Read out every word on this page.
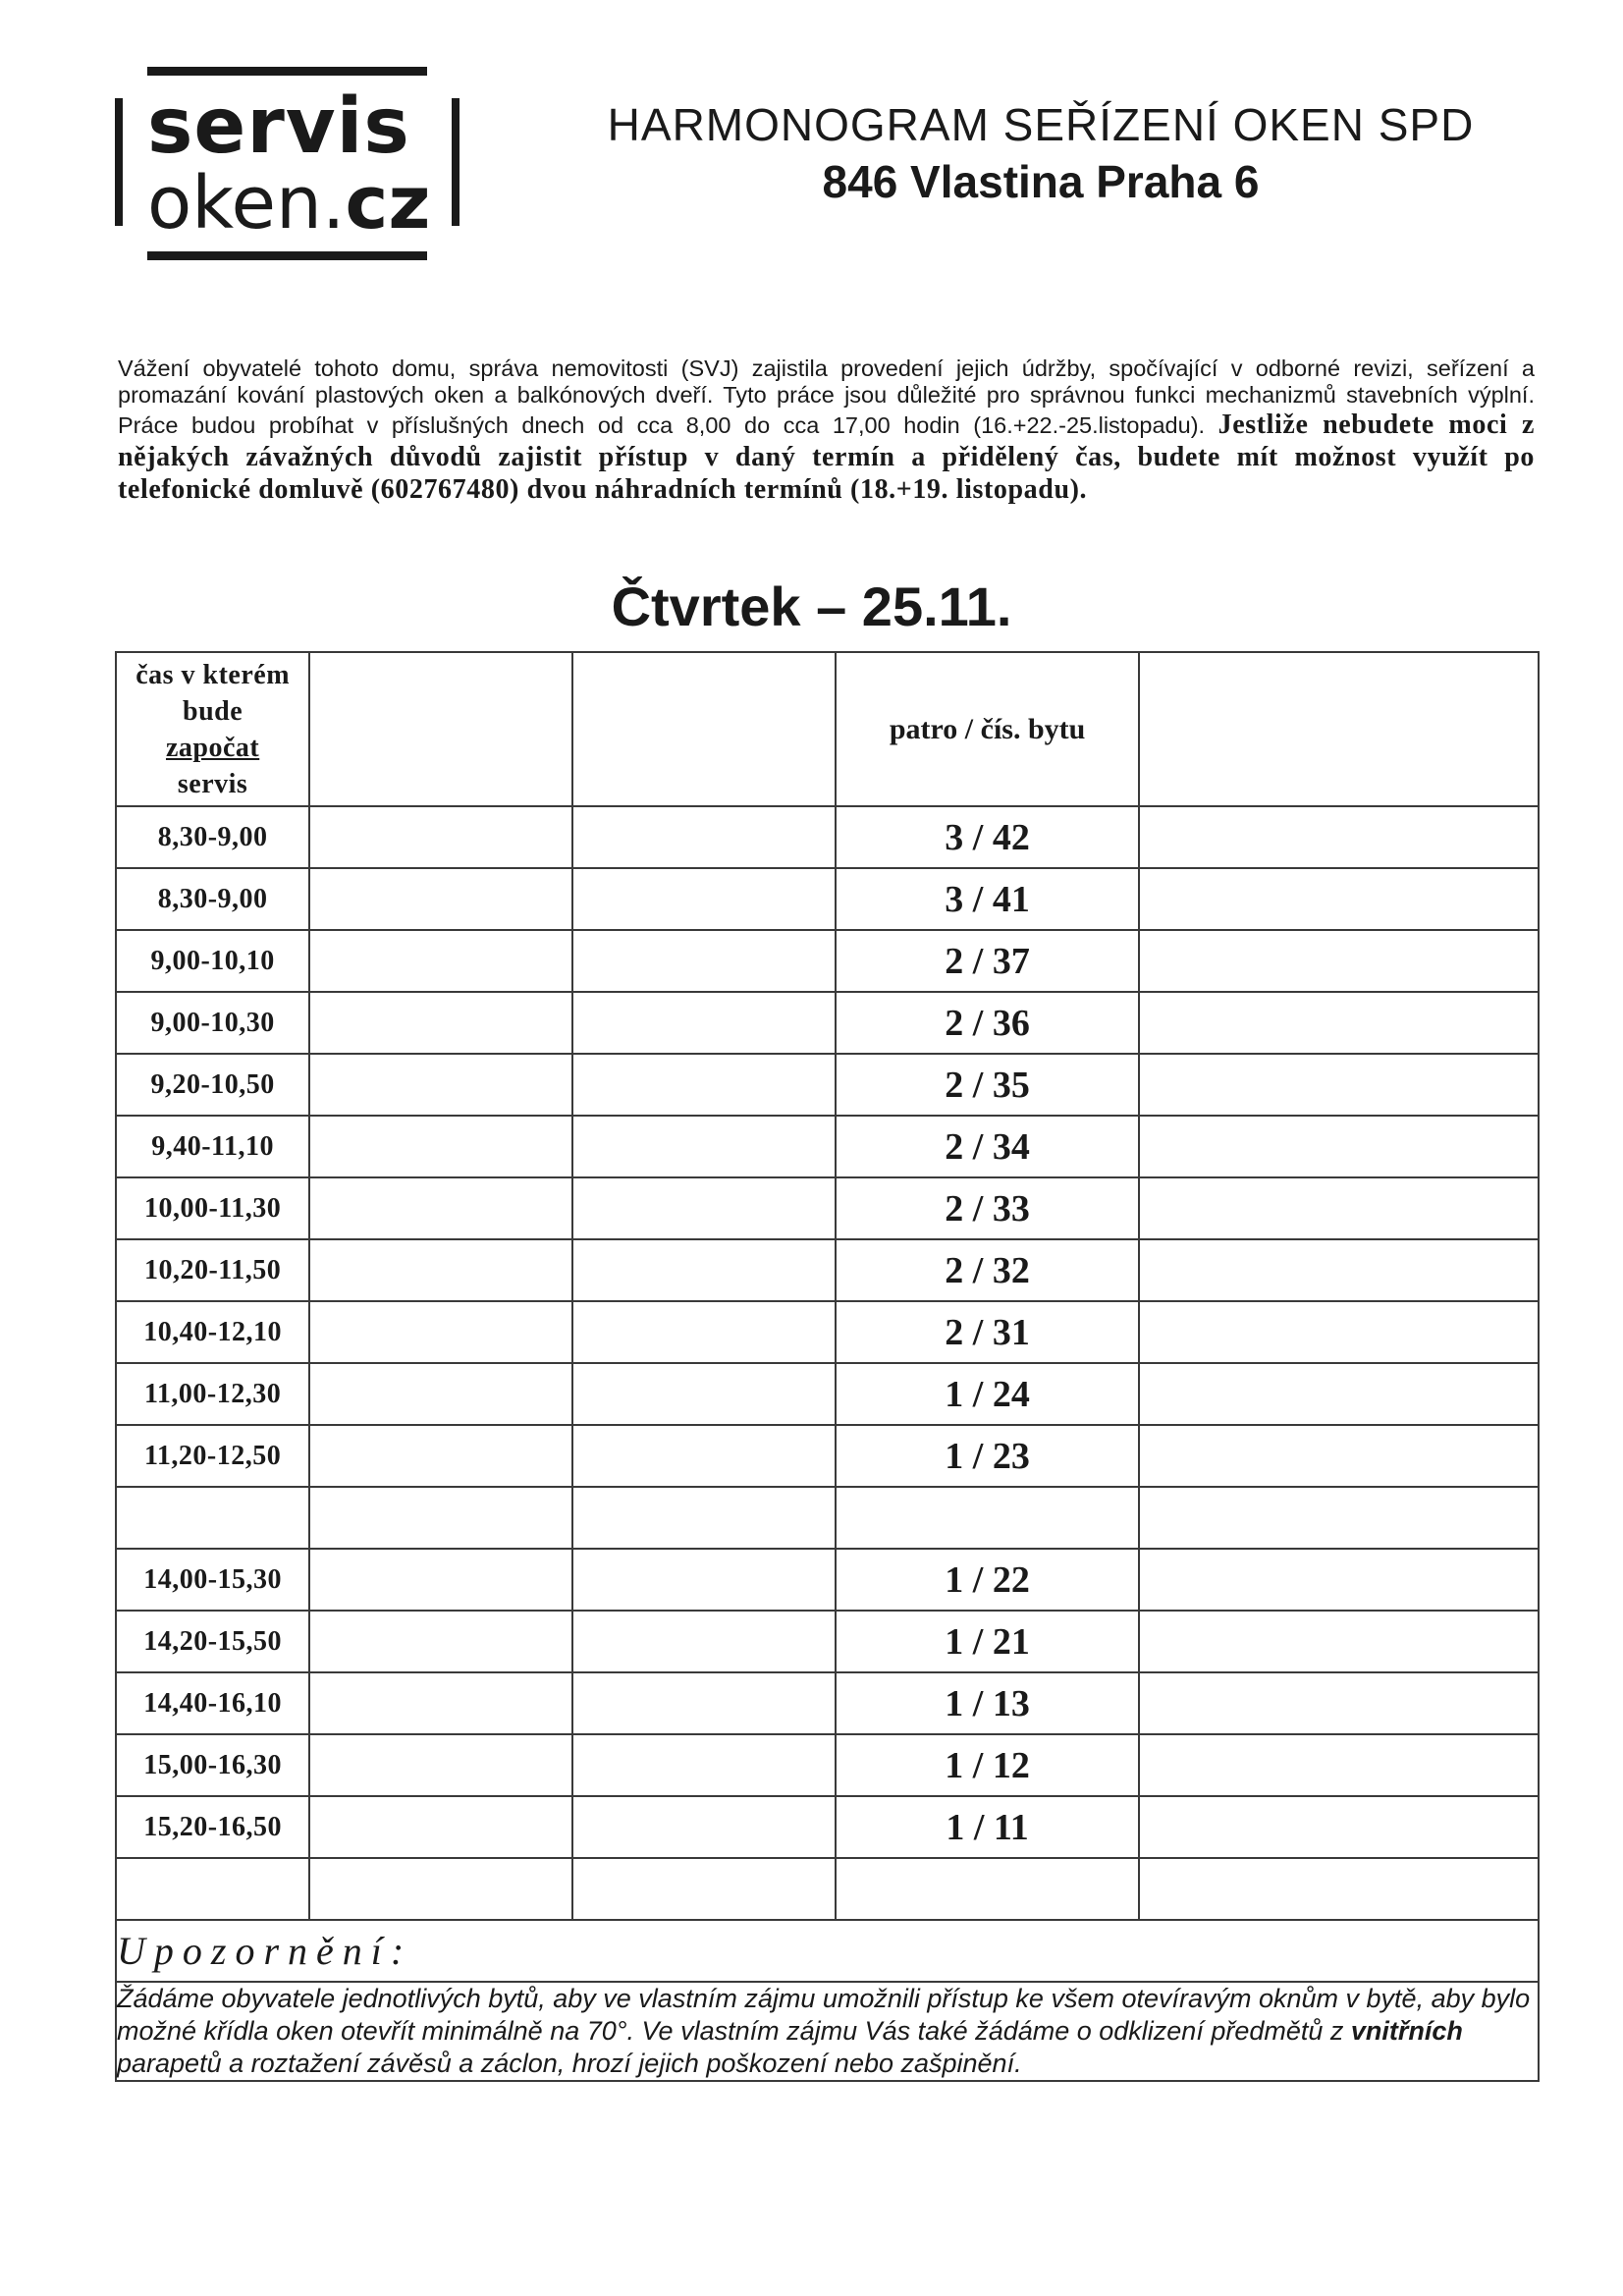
servis
oken.cz
HARMONOGRAM SEŘÍZENÍ OKEN SPD
846 Vlastina Praha 6
Vážení obyvatelé tohoto domu, správa nemovitosti (SVJ) zajistila provedení jejich údržby, spočívající v odborné revizi, seřízení a promazání kování plastových oken a balkónových dveří. Tyto práce jsou důležité pro správnou funkci mechanizmů stavebních výplní. Práce budou probíhat v příslušných dnech od cca 8,00 do cca 17,00 hodin (16.+22.-25.listopadu). Jestliže nebudete moci z nějakých závažných důvodů zajistit přístup v daný termín a přidělený čas, budete mít možnost využít po telefonické domluvě (602767480) dvou náhradních termínů (18.+19. listopadu).
Čtvrtek – 25.11.
čas v kterém
bude
započat
servis			patro / čís. bytu	
8,30-9,00			3 / 42	
8,30-9,00			3 / 41	
9,00-10,10			2 / 37	
9,00-10,30			2 / 36	
9,20-10,50			2 / 35	
9,40-11,10			2 / 34	
10,00-11,30			2 / 33	
10,20-11,50			2 / 32	
10,40-12,10			2 / 31	
11,00-12,30			1 / 24	
11,20-12,50			1 / 23	

14,00-15,30			1 / 22	
14,20-15,50			1 / 21	
14,40-16,10			1 / 13	
15,00-16,30			1 / 12	
15,20-16,50			1 / 11	

Upozornění:				
Žádáme obyvatele jednotlivých bytů, aby ve vlastním zájmu umožnili přístup ke všem otevíravým oknům v bytě, aby bylo možné křídla oken otevřít minimálně na 70°. Ve vlastním zájmu Vás také žádáme o odklizení předmětů z vnitřních parapetů a roztažení závěsů a záclon, hrozí jejich poškození nebo zašpinění.				
